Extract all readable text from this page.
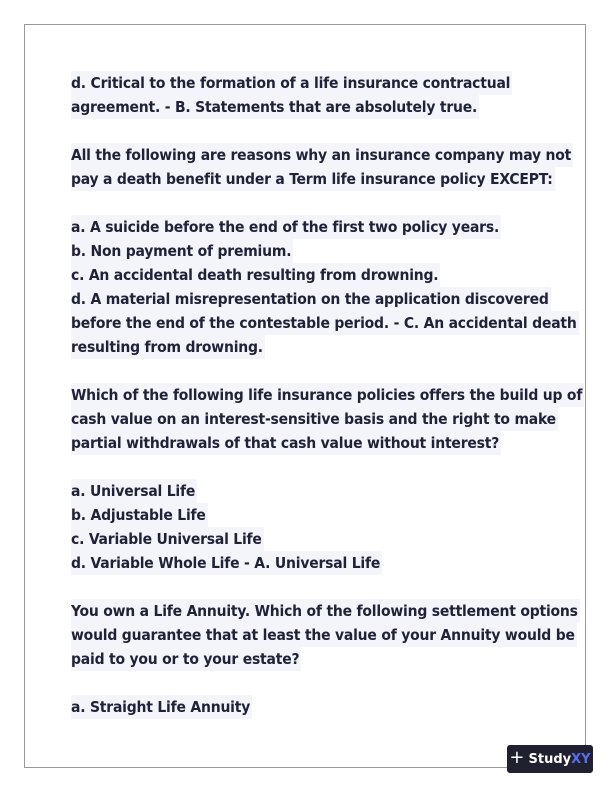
d. Critical to the formation of a life insurance contractual
agreement. - B. Statements that are absolutely true.
All the following are reasons why an insurance company may not
pay a death benefit under a Term life insurance policy EXCEPT:
a. A suicide before the end of the first two policy years.
b. Non payment of premium.
c. An accidental death resulting from drowning.
d. A material misrepresentation on the application discovered
before the end of the contestable period. - C. An accidental death
resulting from drowning.
Which of the following life insurance policies offers the build up of
cash value on an interest-sensitive basis and the right to make
partial withdrawals of that cash value without interest?
a. Universal Life
b. Adjustable Life
c. Variable Universal Life
d. Variable Whole Life - A. Universal Life
You own a Life Annuity. Which of the following settlement options
would guarantee that at least the value of your Annuity would be
paid to you or to your estate?
a. Straight Life Annuity
+ StudyXY
